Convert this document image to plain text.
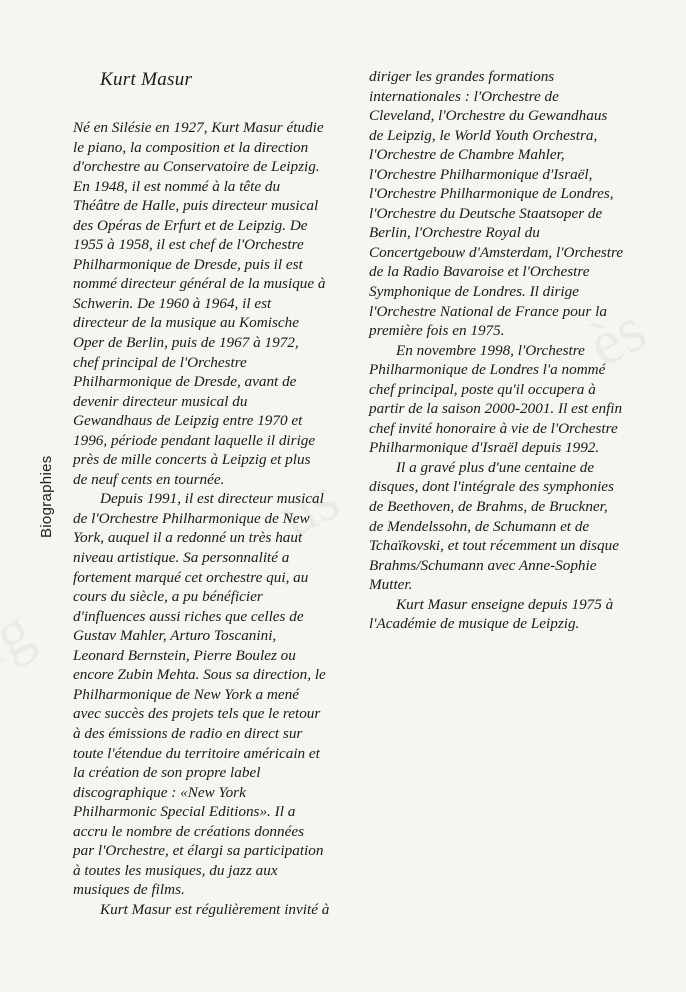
Biographies
Kurt Masur
Né en Silésie en 1927, Kurt Masur étudie
le piano, la composition et la direction
d'orchestre au Conservatoire de Leipzig.
En 1948, il est nommé à la tête du
Théâtre de Halle, puis directeur musical
des Opéras de Erfurt et de Leipzig. De
1955 à 1958, il est chef de l'Orchestre
Philharmonique de Dresde, puis il est
nommé directeur général de la musique à
Schwerin. De 1960 à 1964, il est
directeur de la musique au Komische
Oper de Berlin, puis de 1967 à 1972,
chef principal de l'Orchestre
Philharmonique de Dresde, avant de
devenir directeur musical du
Gewandhaus de Leipzig entre 1970 et
1996, période pendant laquelle il dirige
près de mille concerts à Leipzig et plus
de neuf cents en tournée.
Depuis 1991, il est directeur musical
de l'Orchestre Philharmonique de New
York, auquel il a redonné un très haut
niveau artistique. Sa personnalité a
fortement marqué cet orchestre qui, au
cours du siècle, a pu bénéficier
d'influences aussi riches que celles de
Gustav Mahler, Arturo Toscanini,
Leonard Bernstein, Pierre Boulez ou
encore Zubin Mehta. Sous sa direction, le
Philharmonique de New York a mené
avec succès des projets tels que le retour
à des émissions de radio en direct sur
toute l'étendue du territoire américain et
la création de son propre label
discographique : «New York
Philharmonic Special Editions». Il a
accru le nombre de créations données
par l'Orchestre, et élargi sa participation
à toutes les musiques, du jazz aux
musiques de films.
Kurt Masur est régulièrement invité à
diriger les grandes formations
internationales : l'Orchestre de
Cleveland, l'Orchestre du Gewandhaus
de Leipzig, le World Youth Orchestra,
l'Orchestre de Chambre Mahler,
l'Orchestre Philharmonique d'Israël,
l'Orchestre Philharmonique de Londres,
l'Orchestre du Deutsche Staatsoper de
Berlin, l'Orchestre Royal du
Concertgebouw d'Amsterdam, l'Orchestre
de la Radio Bavaroise et l'Orchestre
Symphonique de Londres. Il dirige
l'Orchestre National de France pour la
première fois en 1975.
En novembre 1998, l'Orchestre
Philharmonique de Londres l'a nommé
chef principal, poste qu'il occupera à
partir de la saison 2000-2001. Il est enfin
chef invité honoraire à vie de l'Orchestre
Philharmonique d'Israël depuis 1992.
Il a gravé plus d'une centaine de
disques, dont l'intégrale des symphonies
de Beethoven, de Brahms, de Bruckner,
de Mendelssohn, de Schumann et de
Tchaïkovski, et tout récemment un disque
Brahms/Schumann avec Anne-Sophie
Mutter.
Kurt Masur enseigne depuis 1975 à
l'Académie de musique de Leipzig.
